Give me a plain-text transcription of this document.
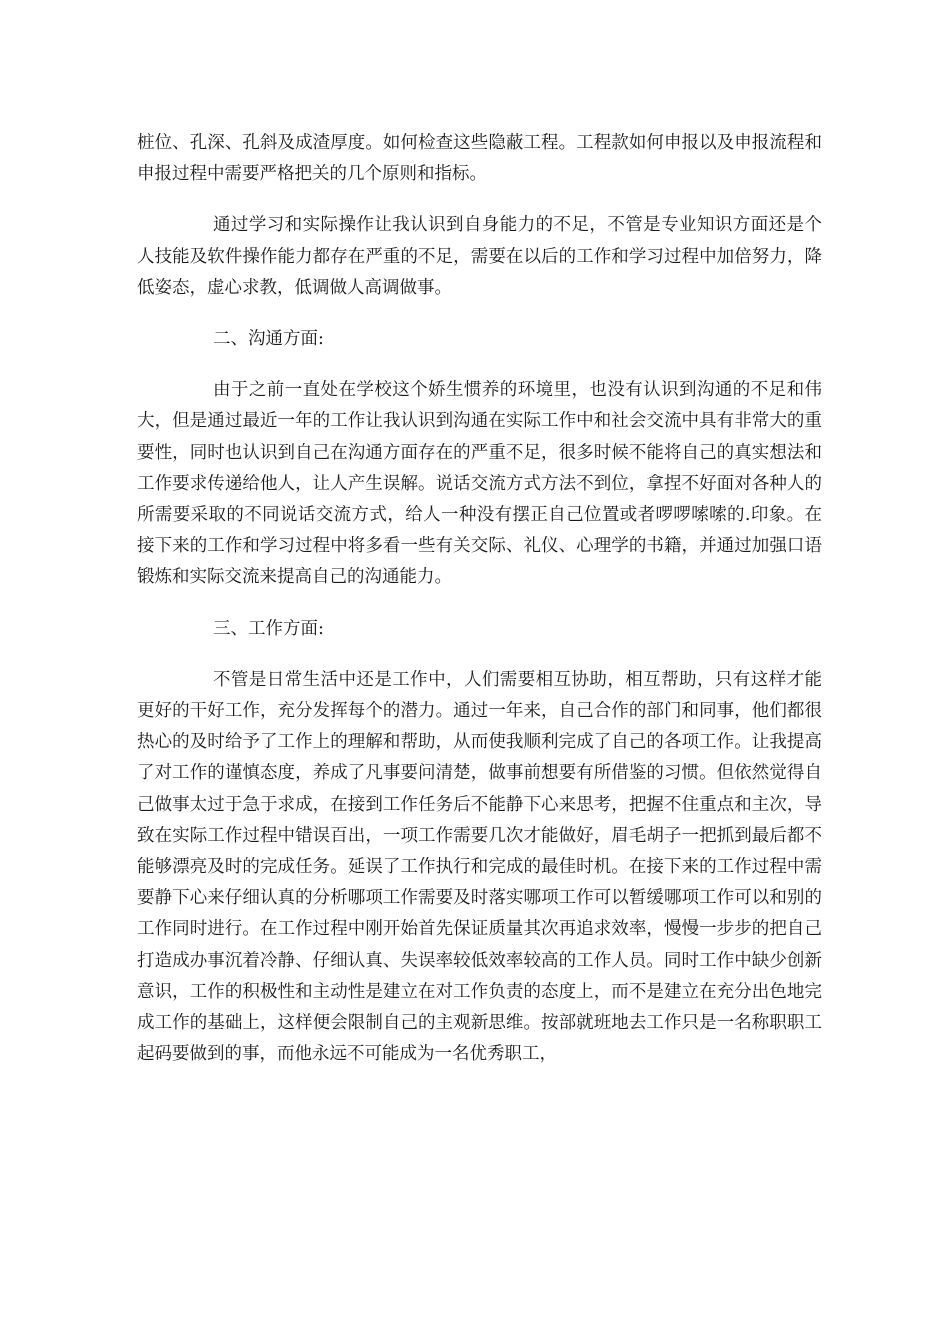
桩位、孔深、孔斜及成渣厚度。如何检查这些隐蔽工程。工程款如何申报以及申报流程和申报过程中需要严格把关的几个原则和指标。

通过学习和实际操作让我认识到自身能力的不足，不管是专业知识方面还是个人技能及软件操作能力都存在严重的不足，需要在以后的工作和学习过程中加倍努力，降低姿态，虚心求教，低调做人高调做事。

二、沟通方面:

由于之前一直处在学校这个娇生惯养的环境里，也没有认识到沟通的不足和伟大，但是通过最近一年的工作让我认识到沟通在实际工作中和社会交流中具有非常大的重要性，同时也认识到自己在沟通方面存在的严重不足，很多时候不能将自己的真实想法和工作要求传递给他人，让人产生误解。说话交流方式方法不到位，拿捏不好面对各种人的所需要采取的不同说话交流方式，给人一种没有摆正自己位置或者啰啰嗦嗦的.印象。在接下来的工作和学习过程中将多看一些有关交际、礼仪、心理学的书籍，并通过加强口语锻炼和实际交流来提高自己的沟通能力。

三、工作方面:

不管是日常生活中还是工作中，人们需要相互协助，相互帮助，只有这样才能更好的干好工作，充分发挥每个的潜力。通过一年来，自己合作的部门和同事，他们都很热心的及时给予了工作上的理解和帮助，从而使我顺利完成了自己的各项工作。让我提高了对工作的谨慎态度，养成了凡事要问清楚，做事前想要有所借鉴的习惯。但依然觉得自己做事太过于急于求成，在接到工作任务后不能静下心来思考，把握不住重点和主次，导致在实际工作过程中错误百出，一项工作需要几次才能做好，眉毛胡子一把抓到最后都不能够漂亮及时的完成任务。延误了工作执行和完成的最佳时机。在接下来的工作过程中需要静下心来仔细认真的分析哪项工作需要及时落实哪项工作可以暂缓哪项工作可以和别的工作同时进行。在工作过程中刚开始首先保证质量其次再追求效率，慢慢一步步的把自己打造成办事沉着冷静、仔细认真、失误率较低效率较高的工作人员。同时工作中缺少创新意识，工作的积极性和主动性是建立在对工作负责的态度上，而不是建立在充分出色地完成工作的基础上，这样便会限制自己的主观新思维。按部就班地去工作只是一名称职职工起码要做到的事，而他永远不可能成为一名优秀职工，
